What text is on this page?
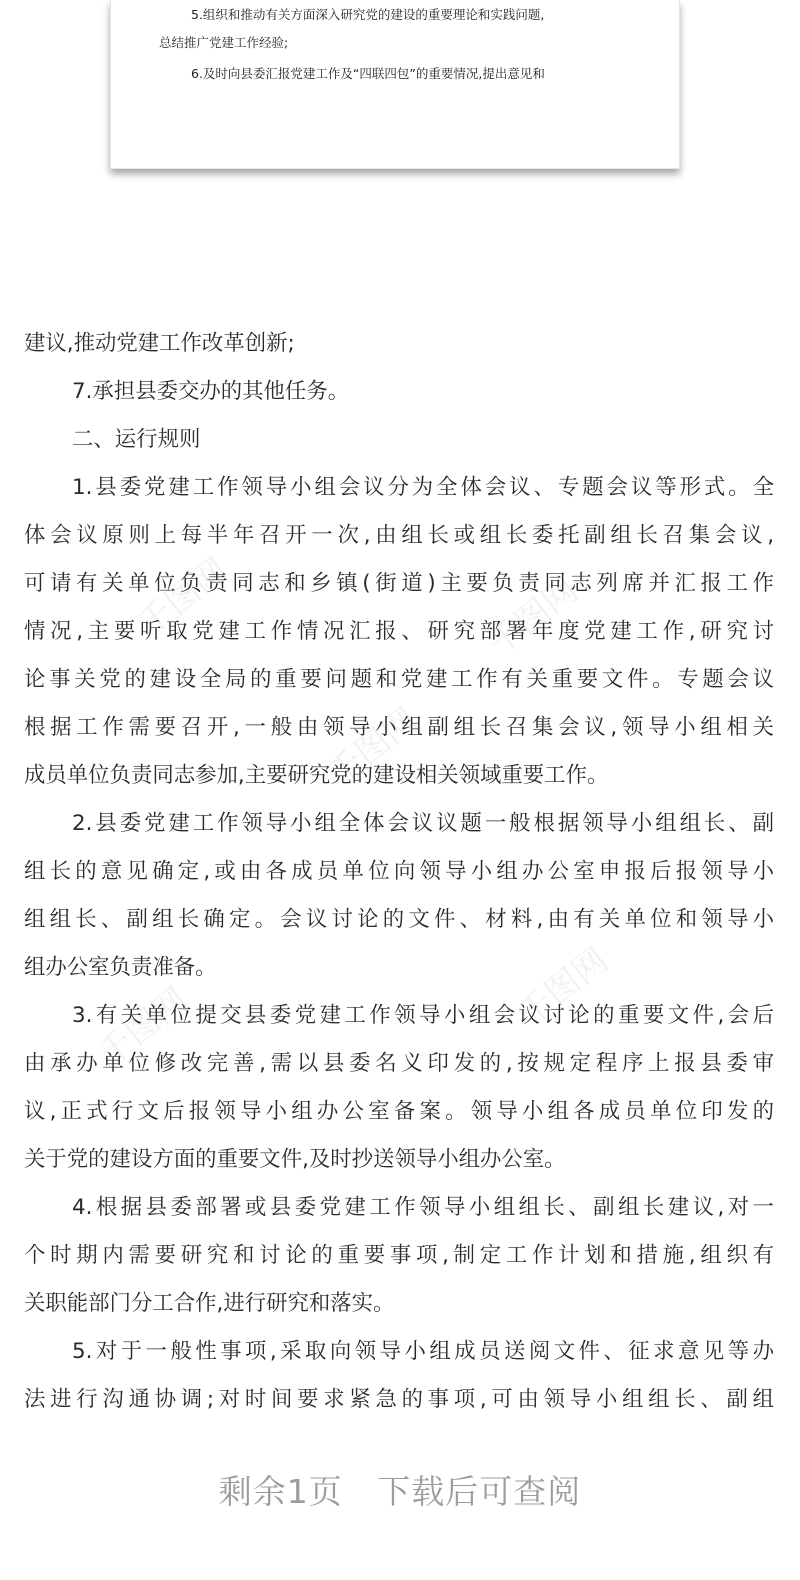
5.组织和推动有关方面深入研究党的建设的重要理论和实践问题,

总结推广党建工作经验;

6.及时向县委汇报党建工作及“四联四包”的重要情况,提出意见和

千图网	千图网
千图网
千图网
千图网

建议,推动党建工作改革创新;

7.承担县委交办的其他任务。

二、运行规则

1.县委党建工作领导小组会议分为全体会议、专题会议等形式。全

体会议原则上每半年召开一次,由组长或组长委托副组长召集会议,

可请有关单位负责同志和乡镇(街道)主要负责同志列席并汇报工作

情况,主要听取党建工作情况汇报、研究部署年度党建工作,研究讨

论事关党的建设全局的重要问题和党建工作有关重要文件。专题会议

根据工作需要召开,一般由领导小组副组长召集会议,领导小组相关

成员单位负责同志参加,主要研究党的建设相关领域重要工作。

2.县委党建工作领导小组全体会议议题一般根据领导小组组长、副

组长的意见确定,或由各成员单位向领导小组办公室申报后报领导小

组组长、副组长确定。会议讨论的文件、材料,由有关单位和领导小

组办公室负责准备。

3.有关单位提交县委党建工作领导小组会议讨论的重要文件,会后

由承办单位修改完善,需以县委名义印发的,按规定程序上报县委审

议,正式行文后报领导小组办公室备案。领导小组各成员单位印发的

关于党的建设方面的重要文件,及时抄送领导小组办公室。

4.根据县委部署或县委党建工作领导小组组长、副组长建议,对一

个时期内需要研究和讨论的重要事项,制定工作计划和措施,组织有

关职能部门分工合作,进行研究和落实。

5.对于一般性事项,采取向领导小组成员送阅文件、征求意见等办

法进行沟通协调;对时间要求紧急的事项,可由领导小组组长、副组

剩余1页 下载后可查阅
